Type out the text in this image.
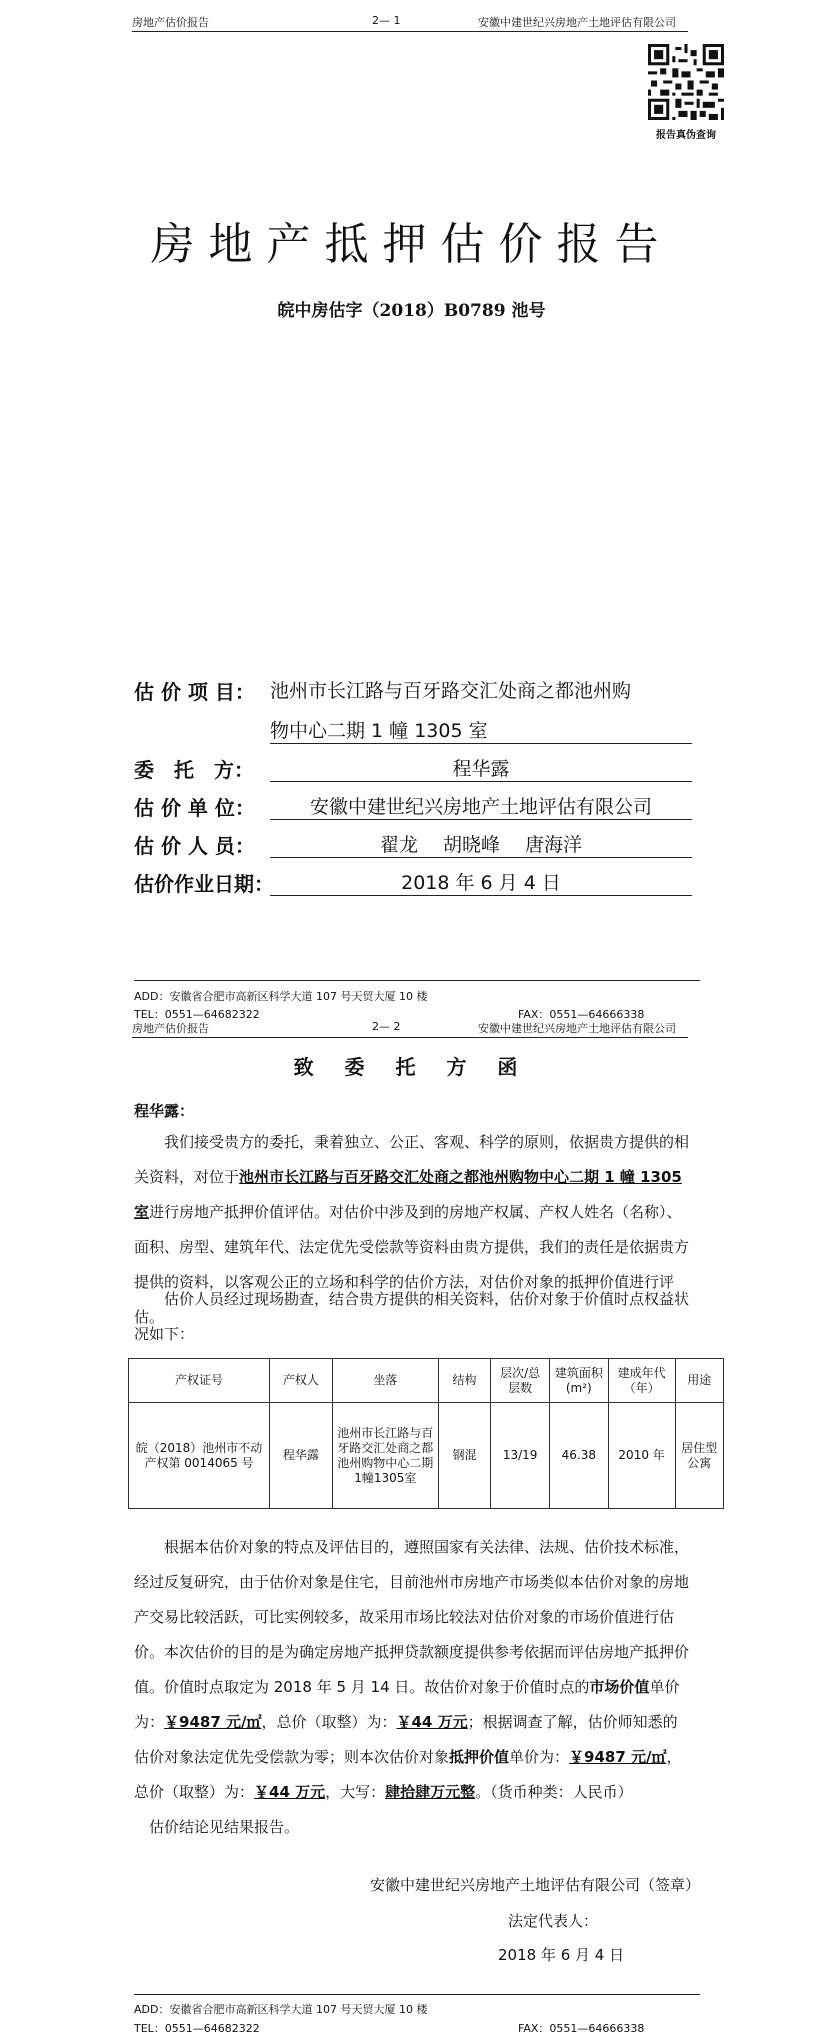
房地产估价报告	2— 1	安徽中建世纪兴房地产土地评估有限公司
报告真伪查询
房地产抵押估价报告
皖中房估字（2018）B0789 池号
估 价 项 目： 池州市长江路与百牙路交汇处商之都池州购
物中心二期 1 幢 1305 室
委　托　方：	程华露
估 价 单 位：	安徽中建世纪兴房地产土地评估有限公司
估 价 人 员：	翟龙　 胡晓峰　 唐海洋
估价作业日期：	2018 年 6 月 4 日
ADD：安徽省合肥市高新区科学大道 107 号天贸大厦 10 楼
TEL：0551—64682322	FAX：0551—64666338
房地产估价报告	2— 2	安徽中建世纪兴房地产土地评估有限公司
致 委 托 方 函
程华露：

我们接受贵方的委托，秉着独立、公正、客观、科学的原则，依据贵方提供的相关资料，对位于池州市长江路与百牙路交汇处商之都池州购物中心二期 1 幢 1305 室进行房地产抵押价值评估。对估价中涉及到的房地产权属、产权人姓名（名称）、面积、房型、建筑年代、法定优先受偿款等资料由贵方提供，我们的责任是依据贵方提供的资料，以客观公正的立场和科学的估价方法，对估价对象的抵押价值进行评估。

估价人员经过现场勘查，结合贵方提供的相关资料，估价对象于价值时点权益状况如下：

产权证号	产权人	坐落	结构	层次/总层数	建筑面积(m²)	建成年代（年）	用途
皖（2018）池州市不动产权第 0014065 号	程华露	池州市长江路与百牙路交汇处商之都池州购物中心二期1幢1305室	钢混	13/19	46.38	2010 年	居住型公寓

根据本估价对象的特点及评估目的，遵照国家有关法律、法规、估价技术标准，经过反复研究，由于估价对象是住宅，目前池州市房地产市场类似本估价对象的房地产交易比较活跃，可比实例较多，故采用市场比较法对估价对象的市场价值进行估价。 本次估价的目的是为确定房地产抵押贷款额度提供参考依据而评估房地产抵押价值。价值时点取定为 2018 年 5 月 14 日。故估价对象于价值时点的市场价值单价为：￥9487 元/㎡，总价（取整）为：￥44 万元；根据调查了解，估价师知悉的估价对象法定优先受偿款为零；则本次估价对象抵押价值单价为：￥9487 元/㎡，总价（取整）为：￥44 万元，大写：肆拾肆万元整。（货币种类：人民币）

估价结论见结果报告。

安徽中建世纪兴房地产土地评估有限公司（签章）
法定代表人：
2018 年 6 月 4 日
ADD：安徽省合肥市高新区科学大道 107 号天贸大厦 10 楼
TEL：0551—64682322	FAX：0551—64666338
